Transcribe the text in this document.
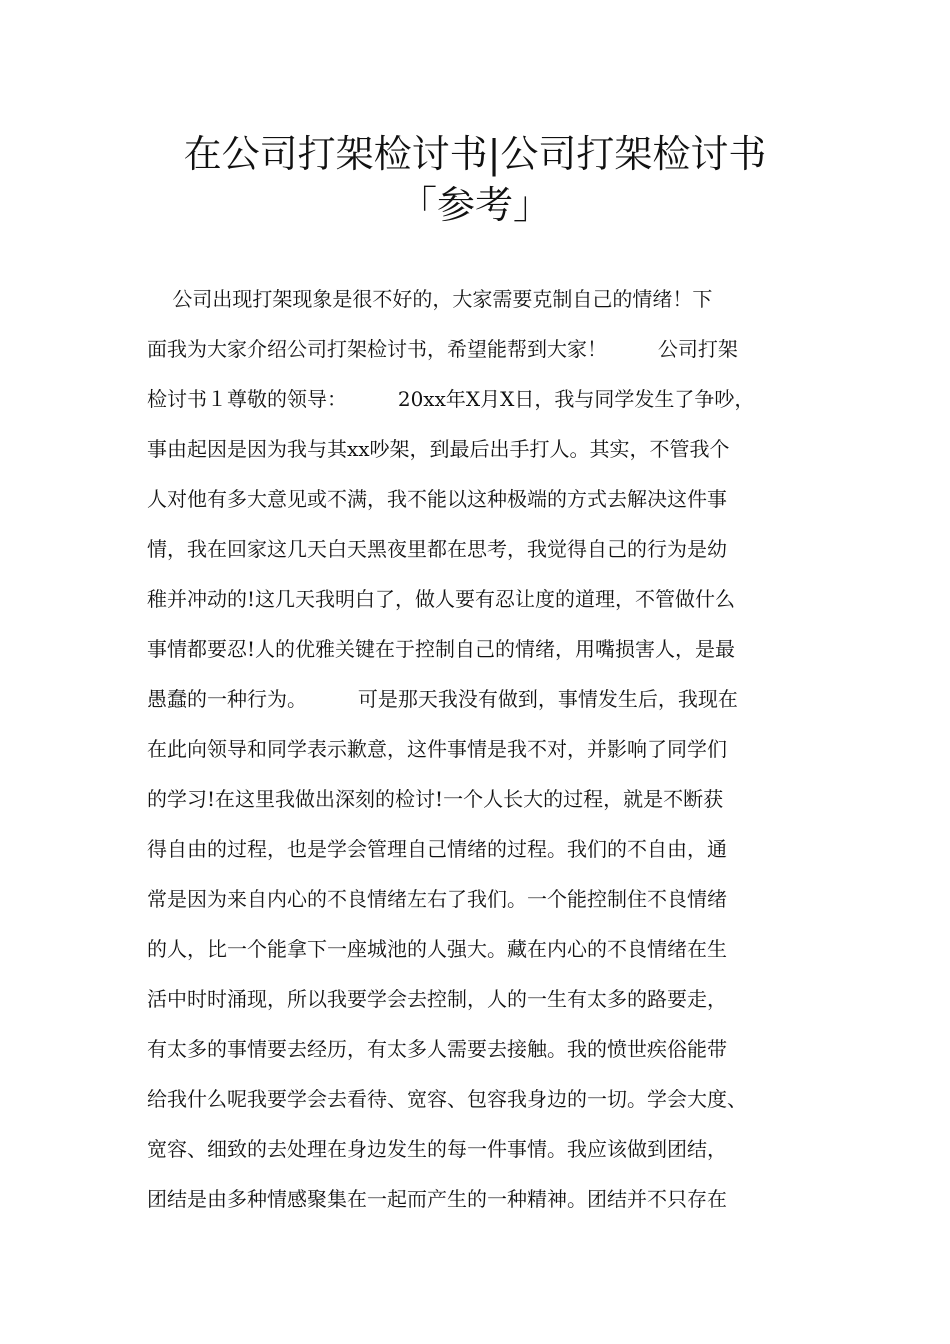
在公司打架检讨书|公司打架检讨书
「参考」

公司出现打架现象是很不好的，大家需要克制自己的情绪！下

面我为大家介绍公司打架检讨书，希望能帮到大家！        公司打架

检讨书１尊敬的领导：        20xx年X月X日，我与同学发生了争吵，

事由起因是因为我与其xx吵架，到最后出手打人。其实，不管我个

人对他有多大意见或不满，我不能以这种极端的方式去解决这件事

情，我在回家这几天白天黑夜里都在思考，我觉得自己的行为是幼

稚并冲动的!这几天我明白了，做人要有忍让度的道理，不管做什么

事情都要忍!人的优雅关键在于控制自己的情绪，用嘴损害人，是最

愚蠢的一种行为。        可是那天我没有做到，事情发生后，我现在

在此向领导和同学表示歉意，这件事情是我不对，并影响了同学们

的学习!在这里我做出深刻的检讨!一个人长大的过程，就是不断获

得自由的过程，也是学会管理自己情绪的过程。我们的不自由，通

常是因为来自内心的不良情绪左右了我们。一个能控制住不良情绪

的人，比一个能拿下一座城池的人强大。藏在内心的不良情绪在生

活中时时涌现，所以我要学会去控制，人的一生有太多的路要走，

有太多的事情要去经历，有太多人需要去接触。我的愤世疾俗能带

给我什么呢我要学会去看待、宽容、包容我身边的一切。学会大度、

宽容、细致的去处理在身边发生的每一件事情。我应该做到团结，

团结是由多种情感聚集在一起而产生的一种精神。团结并不只存在
